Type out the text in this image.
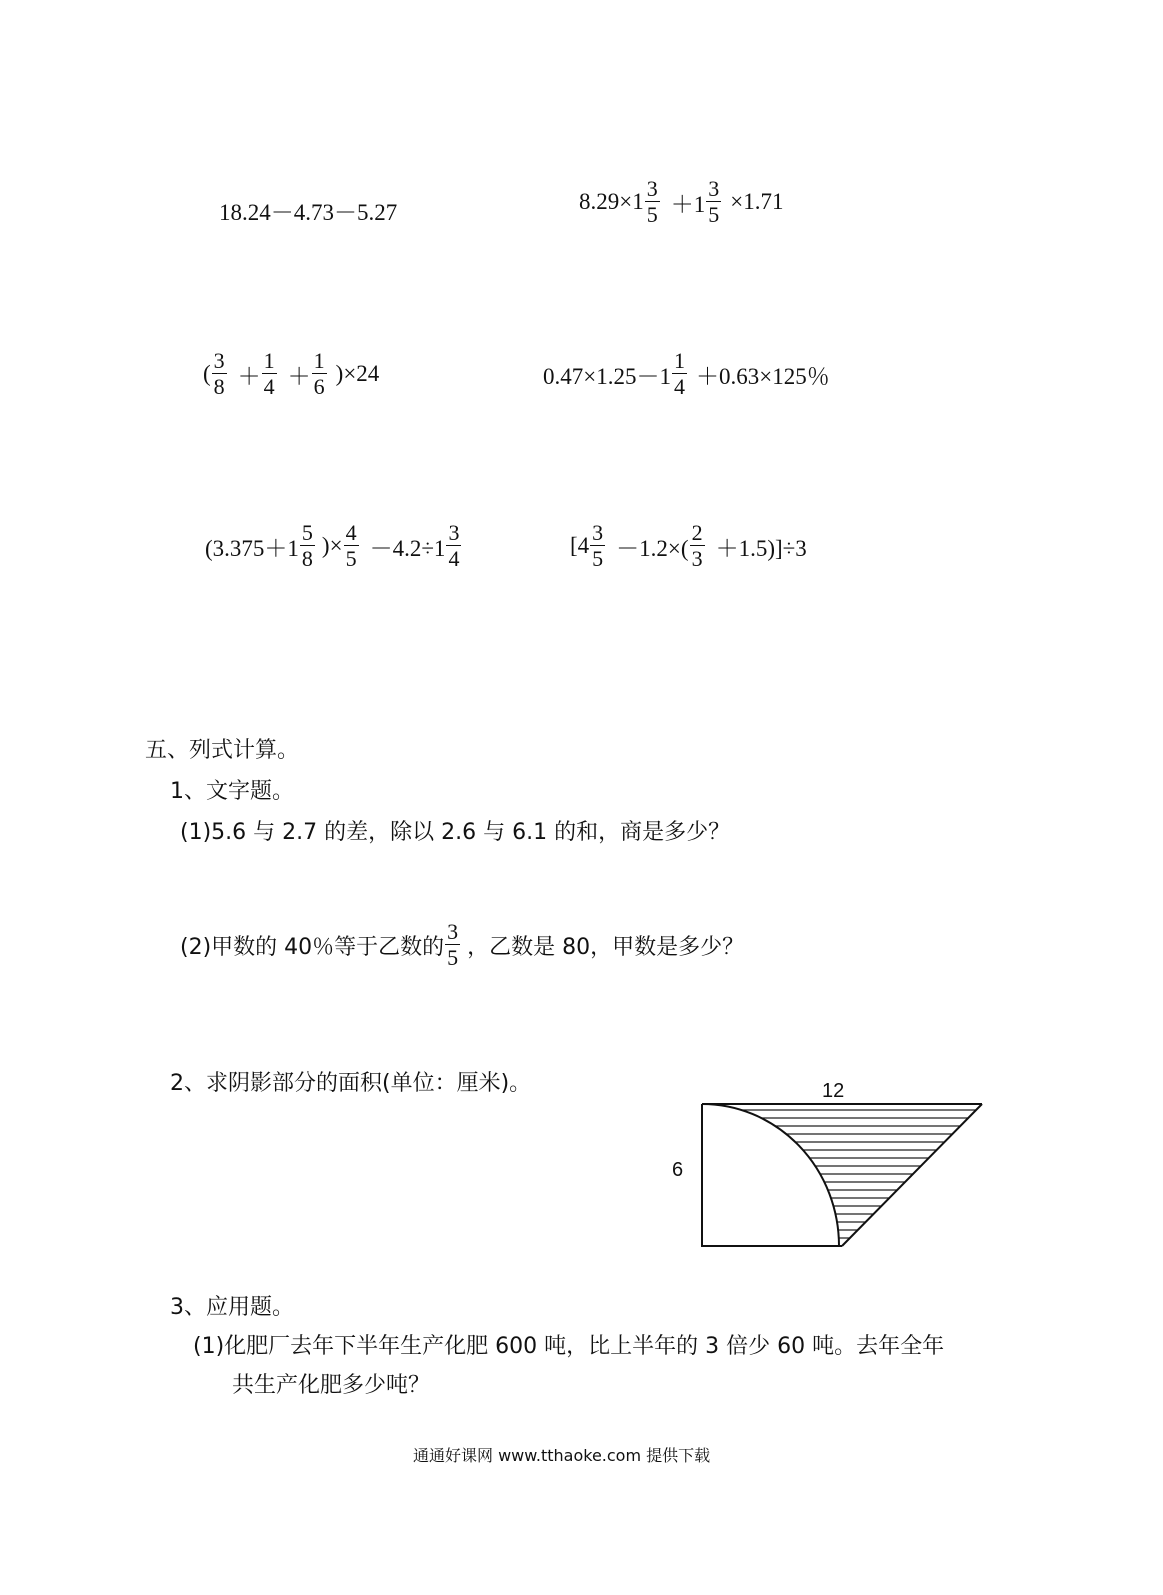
18.24－4.73－5.27	$8.29\times 1 \frac{3}{5} +1 \frac{3}{5} \times 1.71$
( $\frac{3}{8} + \frac{1}{4} + \frac{1}{6} )\times 24$	$0.47\times 1.25-1 \frac{1}{4} +0.63\times 125$％
($3.375+1 \frac{5}{8}$ )× $\frac{4}{5} -4.2\div 1 \frac{3}{4}$	$[4 \frac{3}{5} -1.2\times( \frac{2}{3} +1.5)]\div 3$
五、列式计算。
1、文字题。
(1)5.6 与 2.7 的差，除以 2.6 与 6.1 的和，商是多少？
(2)甲数的 40％等于乙数的 $\frac{3}{5}$ ，乙数是 80，甲数是多少？
2、求阴影部分的面积(单位：厘米)。	12
6
3、应用题。
(1)化肥厂去年下半年生产化肥 600 吨，比上半年的 3 倍少 60 吨。去年全年
共生产化肥多少吨？
通通好课网 www.tthaoke.com 提供下载
